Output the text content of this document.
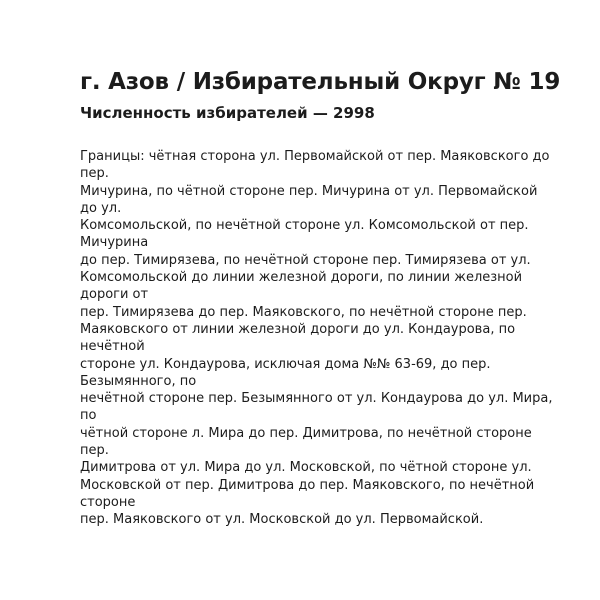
г. Азов / Избирательный Округ № 19
Численность избирателей — 2998
Границы: чётная сторона ул. Первомайской от пер. Маяковского до
пер.
Мичурина, по чётной стороне пер. Мичурина от ул. Первомайской
до ул.
Комсомольской, по нечётной стороне ул. Комсомольской от пер.
Мичурина
до пер. Тимирязева, по нечётной стороне пер. Тимирязева от ул.
Комсомольской до линии железной дороги, по линии железной
дороги от
пер. Тимирязева до пер. Маяковского, по нечётной стороне пер.
Маяковского от линии железной дороги до ул. Кондаурова, по
нечётной
стороне ул. Кондаурова, исключая дома №№ 63-69, до пер.
Безымянного, по
нечётной стороне пер. Безымянного от ул. Кондаурова до ул. Мира,
по
чётной стороне л. Мира до пер. Димитрова, по нечётной стороне
пер.
Димитрова от ул. Мира до ул. Московской, по чётной стороне ул.
Московской от пер. Димитрова до пер. Маяковского, по нечётной
стороне
пер. Маяковского от ул. Московской до ул. Первомайской.
